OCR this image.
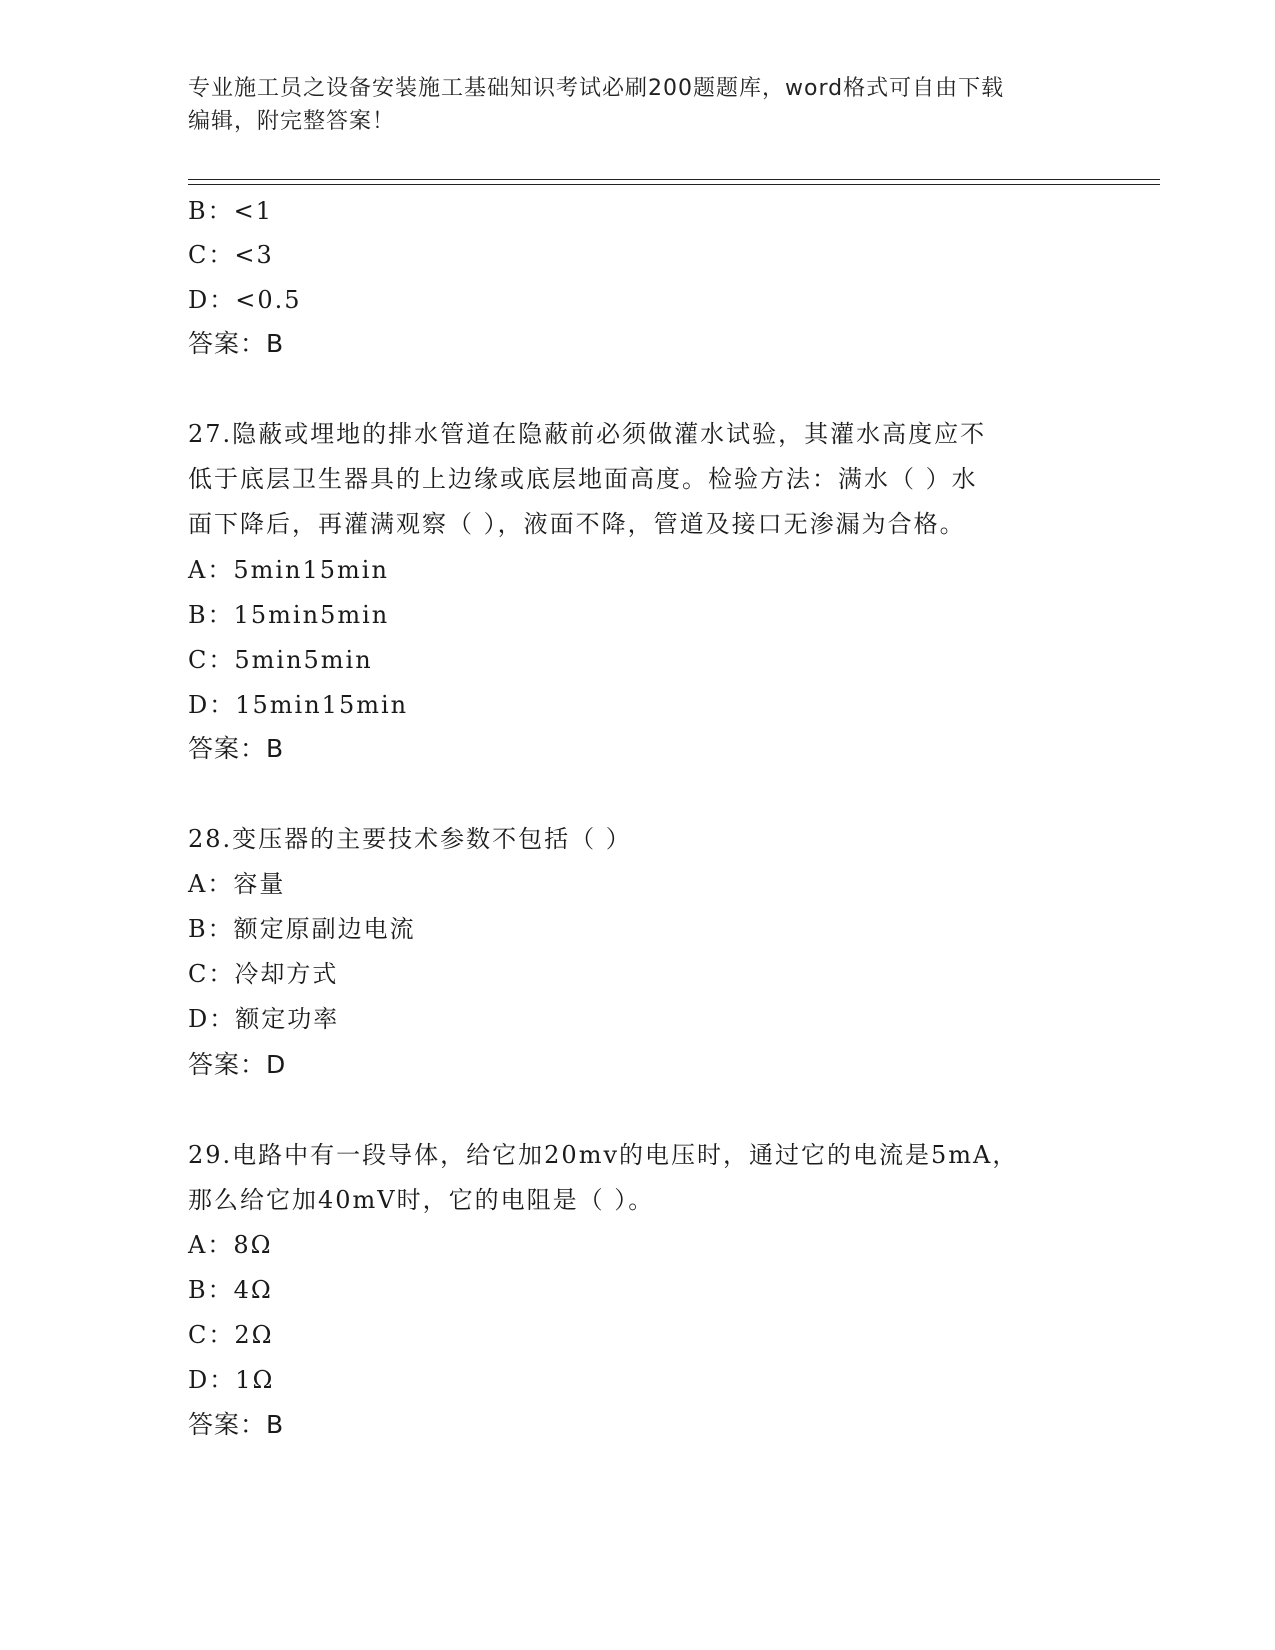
专业施工员之设备安装施工基础知识考试必刷200题题库，word格式可自由下载
编辑，附完整答案！
B：<1
C：<3
D：<0.5
答案：B
27.隐蔽或埋地的排水管道在隐蔽前必须做灌水试验，其灌水高度应不
低于底层卫生器具的上边缘或底层地面高度。检验方法：满水（ ）水
面下降后，再灌满观察（ ），液面不降，管道及接口无渗漏为合格。
A：5min15min
B：15min5min
C：5min5min
D：15min15min
答案：B
28.变压器的主要技术参数不包括（ ）
A：容量
B：额定原副边电流
C：冷却方式
D：额定功率
答案：D
29.电路中有一段导体，给它加20mv的电压时，通过它的电流是5mA，
那么给它加40mV时，它的电阻是（ ）。
A：8Ω
B：4Ω
C：2Ω
D：1Ω
答案：B
